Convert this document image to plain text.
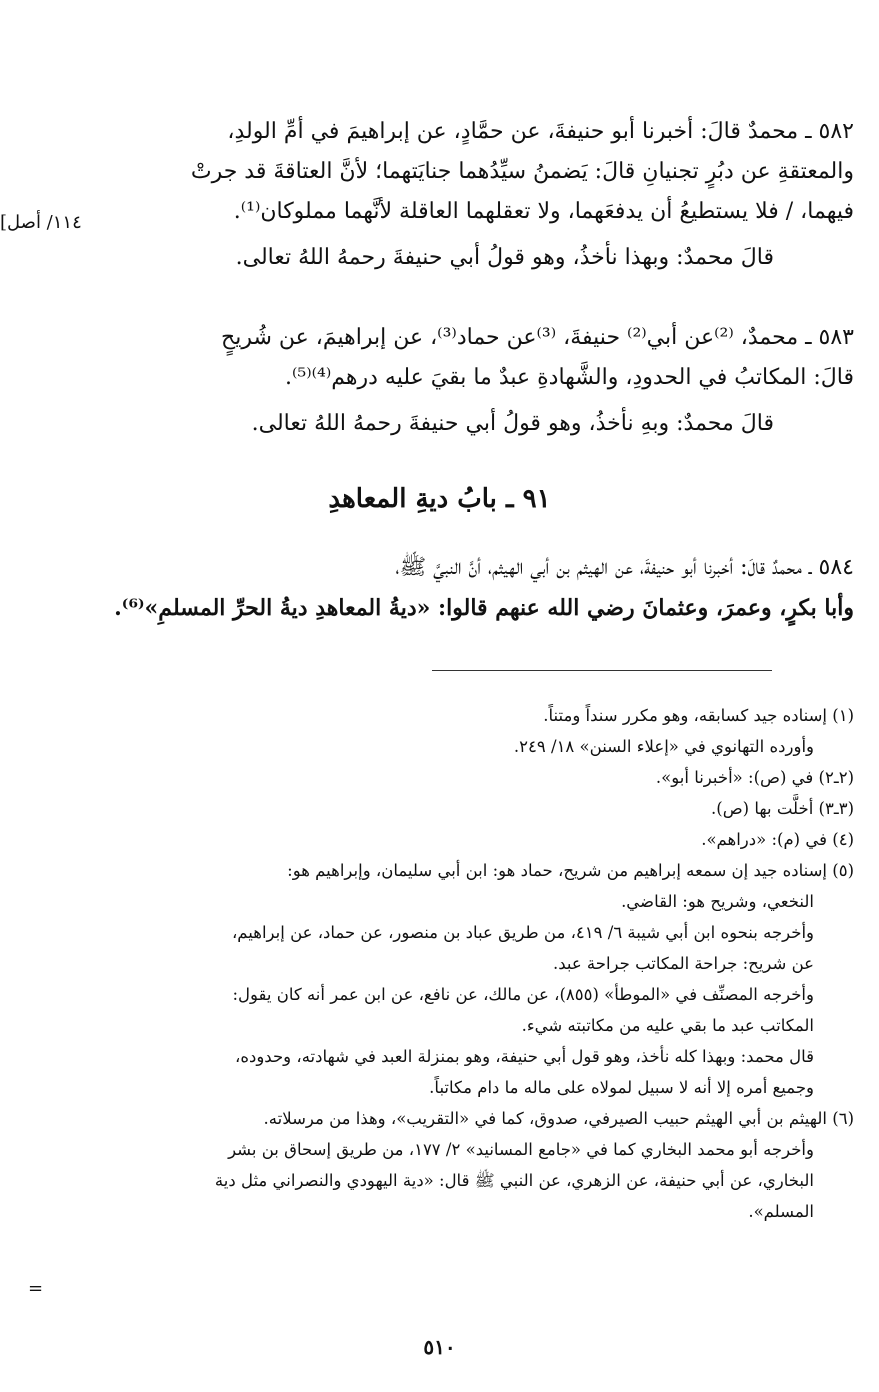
٥٨٢ ـ محمدٌ قالَ: أخبرنا أبو حنيفةَ، عن حمَّادٍ، عن إبراهيمَ في أمِّ الولدِ،

والمعتقةِ عن دبُرٍ تجنيانِ قالَ: يَضمنُ سيِّدُهما جنايَتهما؛ لأنَّ العتاقةَ قد جرتْ

فيهما، / فلا يستطيعُ أن يدفعَهما، ولا تعقلهما العاقلة لأنَّهما مملوكان⁽¹⁾.

قالَ محمدٌ: وبهذا نأخذُ، وهو قولُ أبي حنيفةَ رحمهُ اللهُ تعالى.

١١٤/ أصل]

٥٨٣ ـ محمدٌ، ⁽²⁾عن أبي⁽²⁾ حنيفةَ، ⁽³⁾عن حماد⁽³⁾، عن إبراهيمَ، عن شُريحٍ

قالَ: المكاتبُ في الحدودِ، والشَّهادةِ عبدٌ ما بقيَ عليه درهم⁽⁴⁾⁽⁵⁾.

قالَ محمدٌ: وبهِ نأخذُ، وهو قولُ أبي حنيفةَ رحمهُ اللهُ تعالى.

٩١ ـ بابُ ديةِ المعاهدِ

٥٨٤ ـ محمدٌ قالَ: أخبرنا أبو حنيفةَ، عن الهيثم بن أبي الهيثم، أنَّ النبيَّ ﷺ،

وأبا بكرٍ، وعمرَ، وعثمانَ رضي الله عنهم قالوا: «ديةُ المعاهدِ ديةُ الحرِّ المسلمِ»⁽⁶⁾.

(١) إسناده جيد كسابقه، وهو مكرر سنداً ومتناً.

وأورده التهانوي في «إعلاء السنن» ١٨/ ٢٤٩.

(٢ـ٢) في (ص): «أخبرنا أبو».

(٣ـ٣) أخلَّت بها (ص).

(٤) في (م): «دراهم».

(٥) إسناده جيد إن سمعه إبراهيم من شريح، حماد هو: ابن أبي سليمان، وإبراهيم هو:

النخعي، وشريح هو: القاضي.

وأخرجه بنحوه ابن أبي شيبة ٦/ ٤١٩، من طريق عباد بن منصور، عن حماد، عن إبراهيم،

عن شريح: جراحة المكاتب جراحة عبد.

وأخرجه المصنِّف في «الموطأ» (٨٥٥)، عن مالك، عن نافع، عن ابن عمر أنه كان يقول:

المكاتب عبد ما بقي عليه من مكاتبته شيء.

قال محمد: وبهذا كله نأخذ، وهو قول أبي حنيفة، وهو بمنزلة العبد في شهادته، وحدوده،

وجميع أمره إلا أنه لا سبيل لمولاه على ماله ما دام مكاتباً.

(٦) الهيثم بن أبي الهيثم حبيب الصيرفي، صدوق، كما في «التقريب»، وهذا من مرسلاته.

وأخرجه أبو محمد البخاري كما في «جامع المسانيد» ٢/ ١٧٧، من طريق إسحاق بن بشر

البخاري، عن أبي حنيفة، عن الزهري، عن النبي ﷺ قال: «دية اليهودي والنصراني مثل دية

المسلم».

=
٥١٠
